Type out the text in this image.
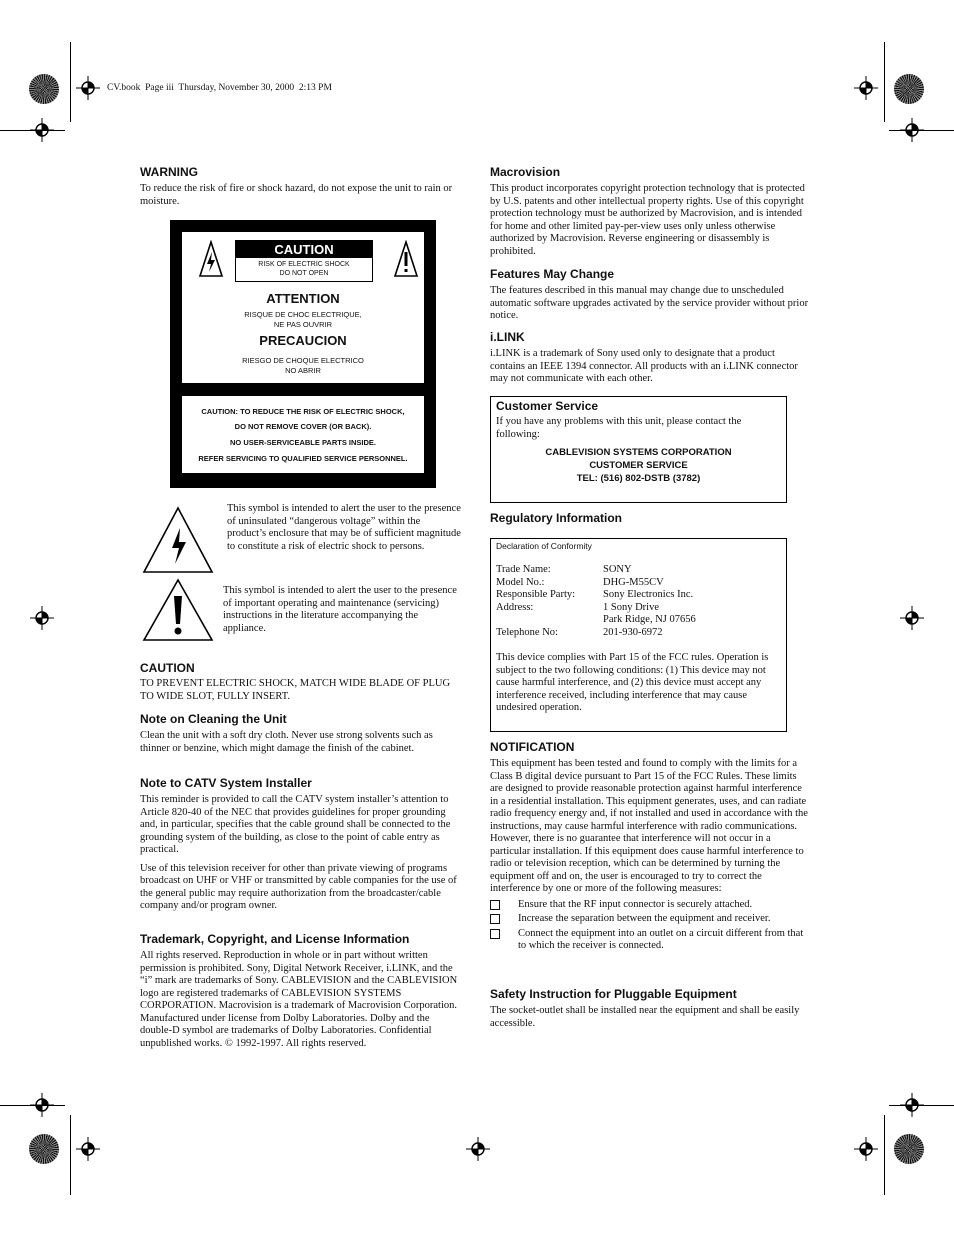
CV.book  Page iii  Thursday, November 30, 2000  2:13 PM
WARNING

To reduce the risk of fire or shock hazard, do not expose the unit to rain or moisture.

CAUTION
RISK OF ELECTRIC SHOCK
DO NOT OPEN
ATTENTION
RISQUE DE CHOC ELECTRIQUE,
NE PAS OUVRIR
PRECAUCION
RIESGO DE CHOQUE ELECTRICO
NO ABRIR
CAUTION: TO REDUCE THE RISK OF ELECTRIC SHOCK,
DO NOT REMOVE COVER (OR BACK).
NO USER-SERVICEABLE PARTS INSIDE.
REFER SERVICING TO QUALIFIED SERVICE PERSONNEL.

This symbol is intended to alert the user to the presence of uninsulated “dangerous voltage” within the product’s enclosure that may be of sufficient magnitude to constitute a risk of electric shock to persons.

This symbol is intended to alert the user to the presence of important operating and maintenance (servicing) instructions in the literature accompanying the appliance.

CAUTION

TO PREVENT ELECTRIC SHOCK, MATCH WIDE BLADE OF PLUG TO WIDE SLOT, FULLY INSERT.

Note on Cleaning the Unit

Clean the unit with a soft dry cloth. Never use strong solvents such as thinner or benzine, which might damage the finish of the cabinet.

Note to CATV System Installer

This reminder is provided to call the CATV system installer’s attention to Article 820-40 of the NEC that provides guidelines for proper grounding and, in particular, specifies that the cable ground shall be connected to the grounding system of the building, as close to the point of cable entry as practical.

Use of this television receiver for other than private viewing of programs broadcast on UHF or VHF or transmitted by cable companies for the use of the general public may require authorization from the broadcaster/cable company and/or program owner.

Trademark, Copyright, and License Information

All rights reserved. Reproduction in whole or in part without written permission is prohibited. Sony, Digital Network Receiver, i.LINK, and the “i” mark are trademarks of Sony. CABLEVISION and the CABLEVISION logo are registered trademarks of CABLEVISION SYSTEMS CORPORATION. Macrovision is a trademark of Macrovision Corporation. Manufactured under license from Dolby Laboratories. Dolby and the double-D symbol are trademarks of Dolby Laboratories. Confidential unpublished works. © 1992-1997. All rights reserved.

Macrovision

This product incorporates copyright protection technology that is protected by U.S. patents and other intellectual property rights. Use of this copyright protection technology must be authorized by Macrovision, and is intended for home and other limited pay-per-view uses only unless otherwise authorized by Macrovision. Reverse engineering or disassembly is prohibited.

Features May Change

The features described in this manual may change due to unscheduled automatic software upgrades activated by the service provider without prior notice.

i.LINK

i.LINK is a trademark of Sony used only to designate that a product contains an IEEE 1394 connector. All products with an i.LINK connector may not communicate with each other.

Customer Service

If you have any problems with this unit, please contact the following:

CABLEVISION SYSTEMS CORPORATION
CUSTOMER SERVICE
TEL: (516) 802-DSTB (3782)
Regulatory Information
Declaration of Conformity
Trade Name:	SONY
Model No.:	DHG-M55CV
Responsible Party:	Sony Electronics Inc.
Address:	1 Sony Drive
Park Ridge, NJ 07656
Telephone No:	201-930-6972

This device complies with Part 15 of the FCC rules. Operation is subject to the two following conditions: (1) This device may not cause harmful interference, and (2) this device must accept any interference received, including interference that may cause undesired operation.

NOTIFICATION

This equipment has been tested and found to comply with the limits for a Class B digital device pursuant to Part 15 of the FCC Rules. These limits are designed to provide reasonable protection against harmful interference in a residential installation. This equipment generates, uses, and can radiate radio frequency energy and, if not installed and used in accordance with the instructions, may cause harmful interference with radio communications. However, there is no guarantee that interference will not occur in a particular installation. If this equipment does cause harmful interference to radio or television reception, which can be determined by turning the equipment off and on, the user is encouraged to try to correct the interference by one or more of the following measures:

Ensure that the RF input connector is securely attached.
Increase the separation between the equipment and receiver.
Connect the equipment into an outlet on a circuit different from that to which the receiver is connected.
Safety Instruction for Pluggable Equipment

The socket-outlet shall be installed near the equipment and shall be easily accessible.
